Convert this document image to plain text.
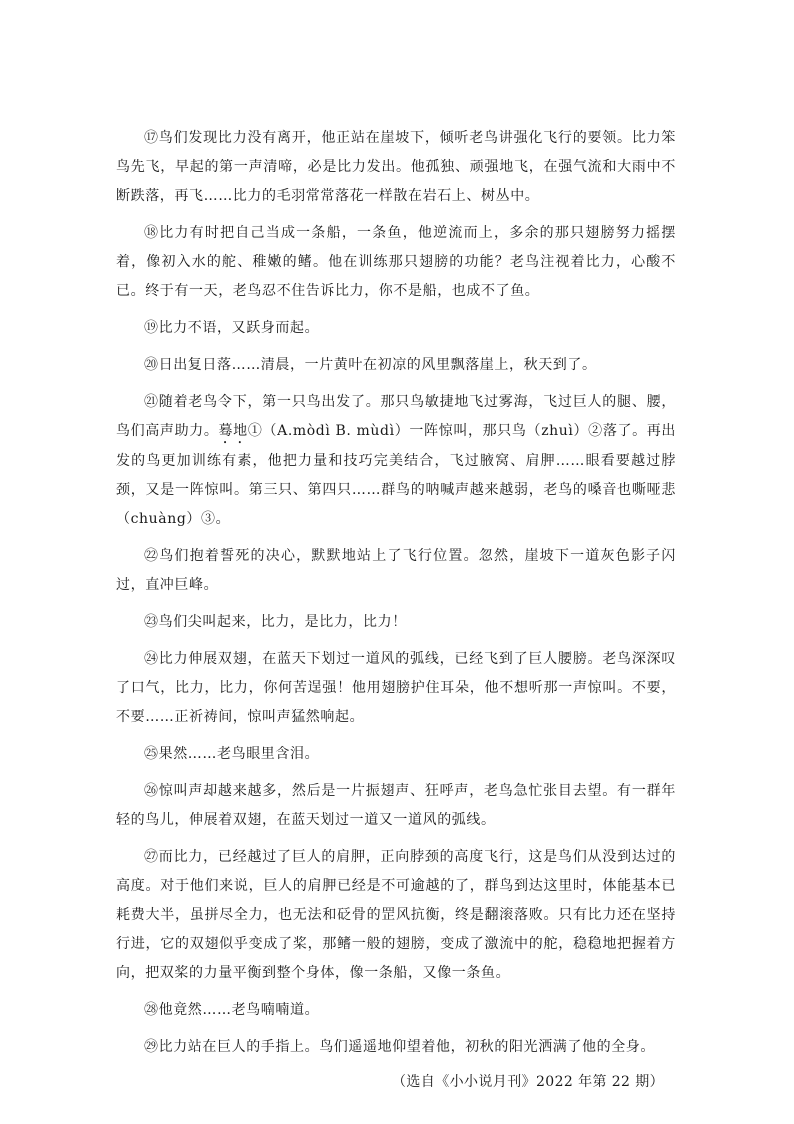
⑰鸟们发现比力没有离开，他正站在崖坡下，倾听老鸟讲强化飞行的要领。比力笨鸟先飞，早起的第一声清啼，必是比力发出。他孤独、顽强地飞，在强气流和大雨中不断跌落，再飞……比力的毛羽常常落花一样散在岩石上、树丛中。

⑱比力有时把自己当成一条船，一条鱼，他逆流而上，多余的那只翅膀努力摇摆着，像初入水的舵、稚嫩的鳍。他在训练那只翅膀的功能？老鸟注视着比力，心酸不已。终于有一天，老鸟忍不住告诉比力，你不是船，也成不了鱼。

⑲比力不语，又跃身而起。

⑳日出复日落……清晨，一片黄叶在初凉的风里飘落崖上，秋天到了。

㉑随着老鸟令下，第一只鸟出发了。那只鸟敏捷地飞过雾海，飞过巨人的腿、腰，鸟们高声助力。蓦地①（A.mòdì B. mùdì）一阵惊叫，那只鸟（zhuì）②落了。再出发的鸟更加训练有素，他把力量和技巧完美结合，飞过腋窝、肩胛……眼看要越过脖颈，又是一阵惊叫。第三只、第四只……群鸟的呐喊声越来越弱，老鸟的嗓音也嘶哑悲（chuàng）③。

㉒鸟们抱着誓死的决心，默默地站上了飞行位置。忽然，崖坡下一道灰色影子闪过，直冲巨峰。

㉓鸟们尖叫起来，比力，是比力，比力！

㉔比力伸展双翅，在蓝天下划过一道风的弧线，已经飞到了巨人腰膀。老鸟深深叹了口气，比力，比力，你何苦逞强！他用翅膀护住耳朵，他不想听那一声惊叫。不要，不要……正祈祷间，惊叫声猛然响起。

㉕果然……老鸟眼里含泪。

㉖惊叫声却越来越多，然后是一片振翅声、狂呼声，老鸟急忙张目去望。有一群年轻的鸟儿，伸展着双翅，在蓝天划过一道又一道风的弧线。

㉗而比力，已经越过了巨人的肩胛，正向脖颈的高度飞行，这是鸟们从没到达过的高度。对于他们来说，巨人的肩胛已经是不可逾越的了，群鸟到达这里时，体能基本已耗费大半，虽拼尽全力，也无法和砭骨的罡风抗衡，终是翻滚落败。只有比力还在坚持行进，它的双翅似乎变成了桨，那鳍一般的翅膀，变成了激流中的舵，稳稳地把握着方向，把双桨的力量平衡到整个身体，像一条船，又像一条鱼。

㉘他竟然……老鸟喃喃道。

㉙比力站在巨人的手指上。鸟们遥遥地仰望着他，初秋的阳光洒满了他的全身。

（选自《小小说月刊》2022 年第 22 期）
